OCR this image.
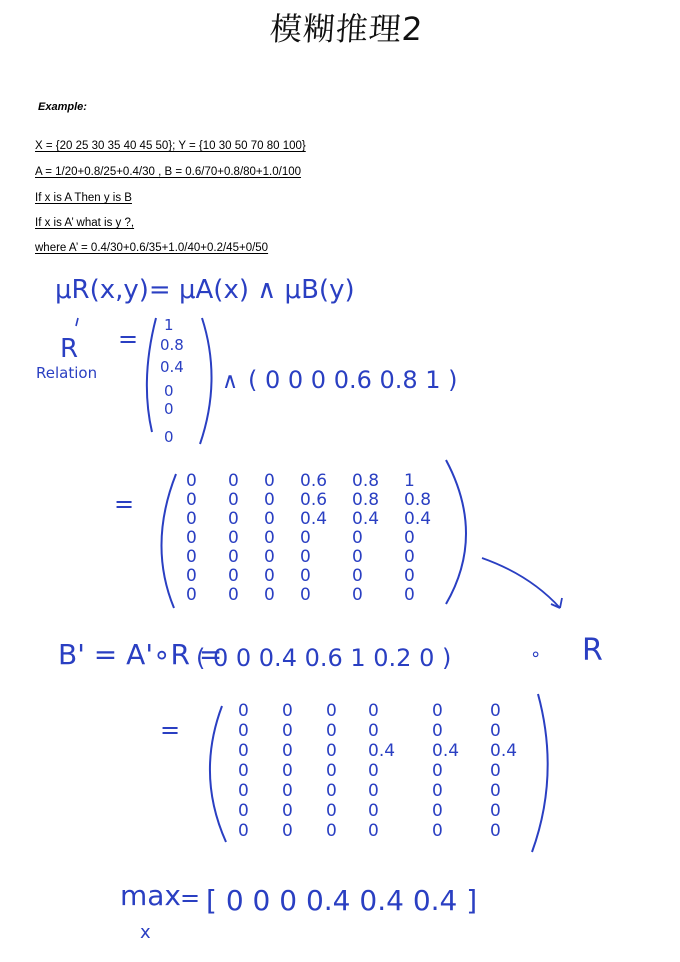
模糊推理2
Example:
X = {20 25 30 35 40 45 50}; Y = {10 30 50 70 80 100}
A = 1/20+0.8/25+0.4/30 , B = 0.6/70+0.8/80+1.0/100
If x is A Then y is B
If x is A’ what is y ?,
where A’ = 0.4/30+0.6/35+1.0/40+0.2/45+0/50
μR(x,y)= μA(x) ∧ μB(y)
R
Relation
= 1
0.8
0.4
0
0
0
∧ ( 0 0 0 0.6 0.8 1 )
=
0 0 0 0.6 0.8 1
0 0 0 0.6 0.8 0.8
0 0 0 0.4 0.4 0.4
0 0 0 0 0 0
0 0 0 0 0 0
0 0 0 0 0 0
0 0 0 0 0 0
B' = A'∘R =
( 0 0 0.4 0.6 1 0.2 0 )	∘ R
=
0 0 0 0	0	0
0 0 0 0	0	0
0 0 0 0.4 0.4 0.4
0 0 0 0	0	0
0 0 0 0	0	0
0 0 0 0	0	0
0 0 0 0	0	0
max
x
= [ 0 0 0 0.4 0.4 0.4 ]
